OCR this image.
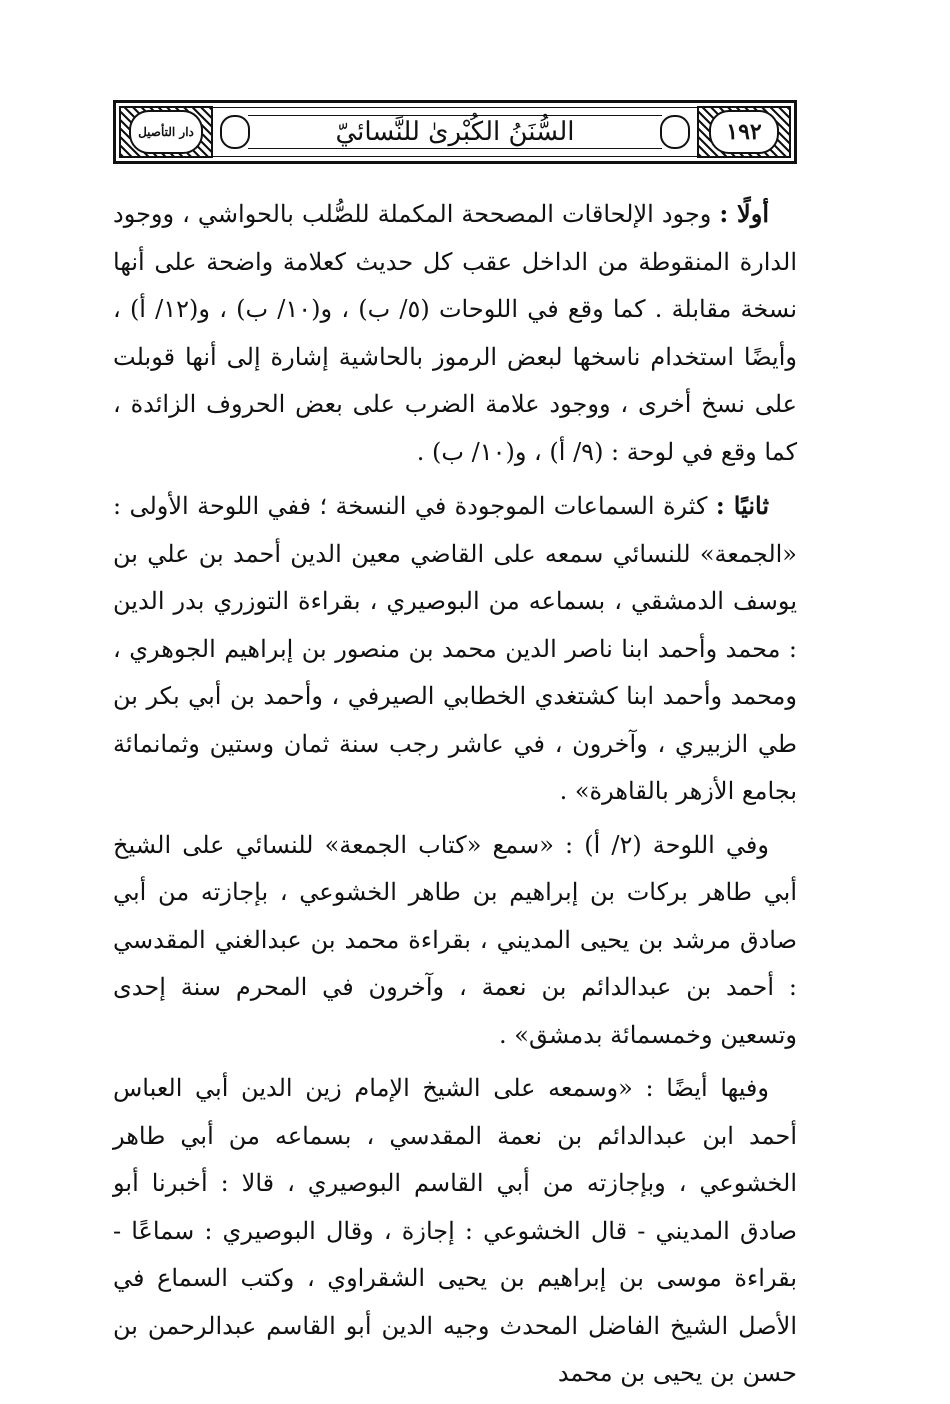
١٩٢
السُّنَنُ الكُبْرىٰ للنَّسائيّ
دار التأصيل

أولًا : وجود الإلحاقات المصححة المكملة للصُّلب بالحواشي ، ووجود الدارة المنقوطة من الداخل عقب كل حديث كعلامة واضحة على أنها نسخة مقابلة . كما وقع في اللوحات (٥/ ب) ، و(١٠/ ب) ، و(١٢/ أ) ، وأيضًا استخدام ناسخها لبعض الرموز بالحاشية إشارة إلى أنها قوبلت على نسخ أخرى ، ووجود علامة الضرب على بعض الحروف الزائدة ، كما وقع في لوحة : (٩/ أ) ، و(١٠/ ب) .

ثانيًا : كثرة السماعات الموجودة في النسخة ؛ ففي اللوحة الأولى : «الجمعة» للنسائي سمعه على القاضي معين الدين أحمد بن علي بن يوسف الدمشقي ، بسماعه من البوصيري ، بقراءة التوزري بدر الدين : محمد وأحمد ابنا ناصر الدين محمد بن منصور بن إبراهيم الجوهري ، ومحمد وأحمد ابنا كشتغدي الخطابي الصيرفي ، وأحمد بن أبي بكر بن طي الزبيري ، وآخرون ، في عاشر رجب سنة ثمان وستين وثمانمائة بجامع الأزهر بالقاهرة» .

وفي اللوحة (٢/ أ) : «سمع «كتاب الجمعة» للنسائي على الشيخ أبي طاهر بركات بن إبراهيم بن طاهر الخشوعي ، بإجازته من أبي صادق مرشد بن يحيى المديني ، بقراءة محمد بن عبدالغني المقدسي : أحمد بن عبدالدائم بن نعمة ، وآخرون في المحرم سنة إحدى وتسعين وخمسمائة بدمشق» .

وفيها أيضًا : «وسمعه على الشيخ الإمام زين الدين أبي العباس أحمد ابن عبدالدائم بن نعمة المقدسي ، بسماعه من أبي طاهر الخشوعي ، وبإجازته من أبي القاسم البوصيري ، قالا : أخبرنا أبو صادق المديني - قال الخشوعي : إجازة ، وقال البوصيري : سماعًا - بقراءة موسى بن إبراهيم بن يحيى الشقراوي ، وكتب السماع في الأصل الشيخ الفاضل المحدث وجيه الدين أبو القاسم عبدالرحمن بن حسن بن يحيى بن محمد
